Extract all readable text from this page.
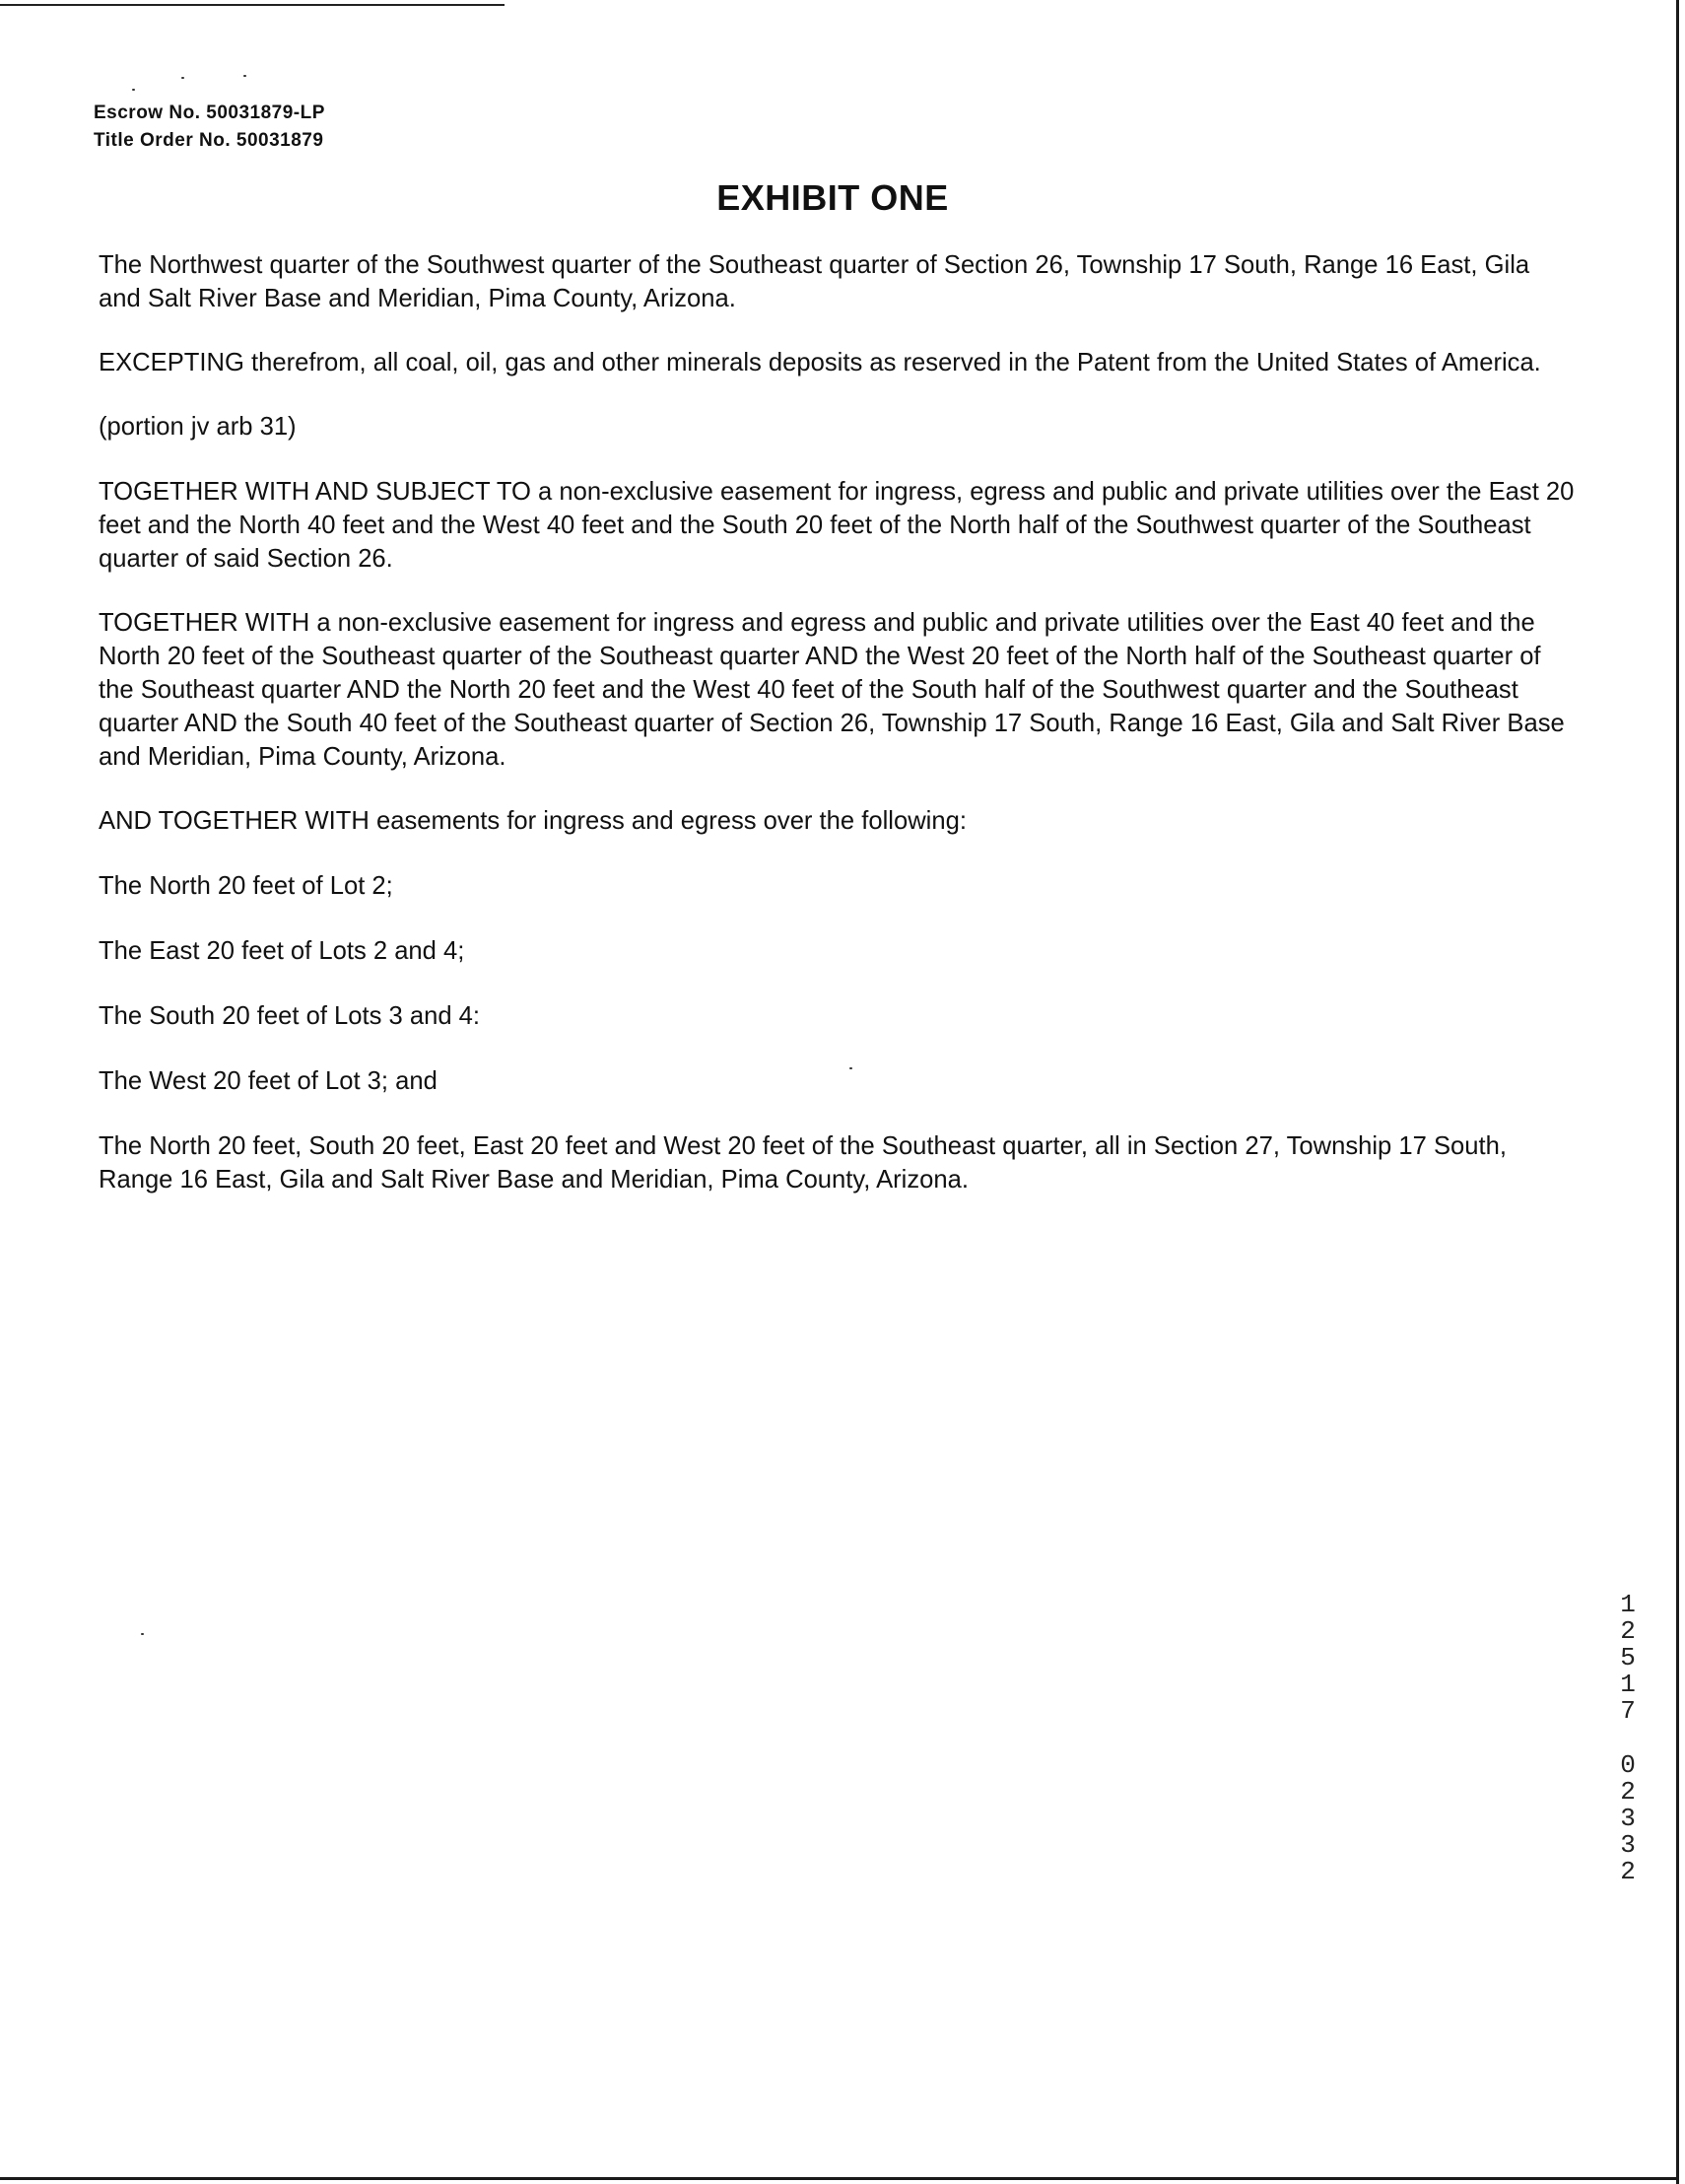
Escrow No. 50031879-LP
Title Order No. 50031879
EXHIBIT ONE

The Northwest quarter of the Southwest quarter of the Southeast quarter of Section 26, Township 17 South, Range 16 East, Gila and Salt River Base and Meridian, Pima County, Arizona.

EXCEPTING therefrom, all coal, oil, gas and other minerals deposits as reserved in the Patent from the United States of America.

(portion jv arb 31)

TOGETHER WITH AND SUBJECT TO a non-exclusive easement for ingress, egress and public and private utilities over the East 20 feet and the North 40 feet and the West 40 feet and the South 20 feet of the North half of the Southwest quarter of the Southeast quarter of said Section 26.

TOGETHER WITH a non-exclusive easement for ingress and egress and public and private utilities over the East 40 feet and the North 20 feet of the Southeast quarter of the Southeast quarter AND the West 20 feet of the North half of the Southeast quarter of the Southeast quarter AND the North 20 feet and the West 40 feet of the South half of the Southwest quarter and the Southeast quarter AND the South 40 feet of the Southeast quarter of Section 26, Township 17 South, Range 16 East, Gila and Salt River Base and Meridian, Pima County, Arizona.

AND TOGETHER WITH easements for ingress and egress over the following:

The North 20 feet of Lot 2;

The East 20 feet of Lots 2 and 4;

The South 20 feet of Lots 3 and 4:

The West 20 feet of Lot 3; and

The North 20 feet, South 20 feet, East 20 feet and West 20 feet of the Southeast quarter, all in Section 27, Township 17 South, Range 16 East, Gila and Salt River Base and Meridian, Pima County, Arizona.

1
2
5
1
7
0
2
3
3
2
